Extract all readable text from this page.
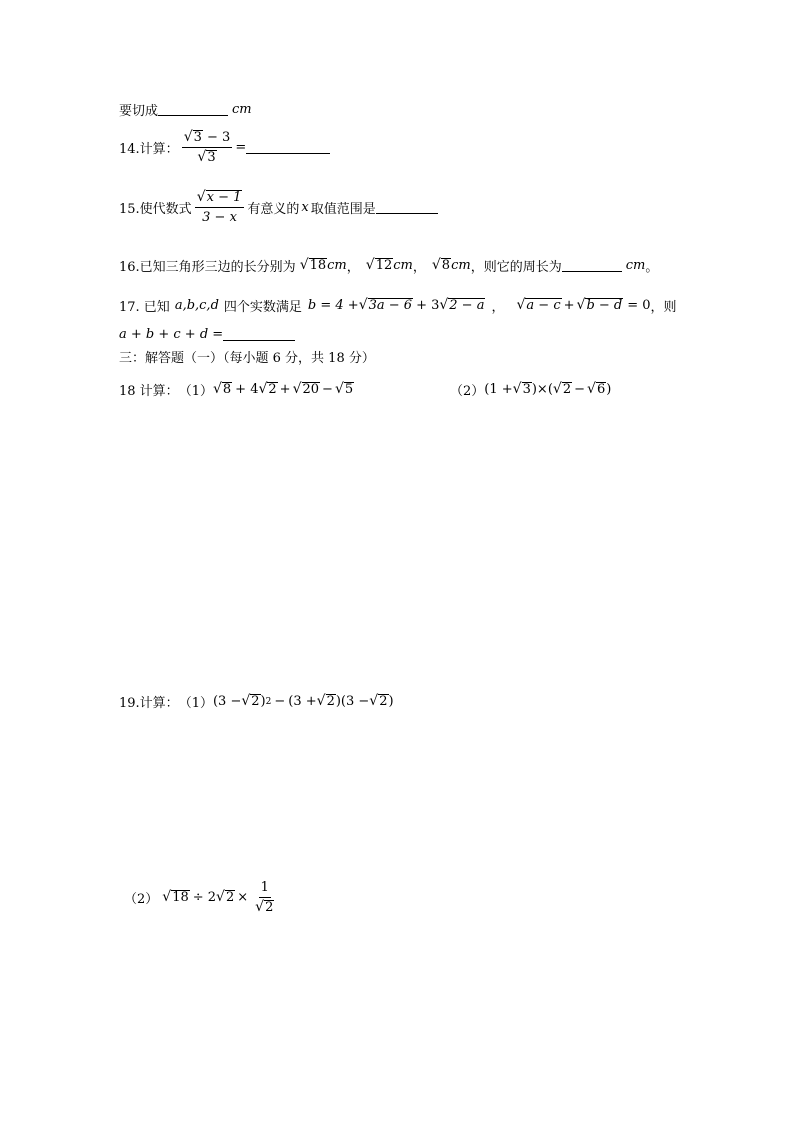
要切成	cm
14.计算： $\frac{√ 3 - 3}{√ 3}$ =
15.使代数式 $\frac{√ x - 1}{3 - x}$ 有意义的 x 取值范围是
16.已知三角形三边的长分别为 √ 18 cm ， √ 12 cm ， √ 8 cm ，则它的周长为	cm 。
17. 已知 a,b,c,d 四个实数满足 b = 4 + √ 3a − 6 + 3 √ 2 − a ， √ a − c + √ b − d = 0 ，则
a + b + c + d =
三：解答题（一）（每小题 6 分，共 18 分）
18 计算： （1） √ 8 + 4 √ 2 + √ 20 − √ 5	（2） (1 + √ 3 )×( √ 2 − √ 6 )
19.计算： （1） (3 − √ 2 ) 2 − (3 + √ 2 )(3 − √ 2 )
（2） √ 18 ÷ 2 √ $2 \times \frac{1}{√ 2}$
